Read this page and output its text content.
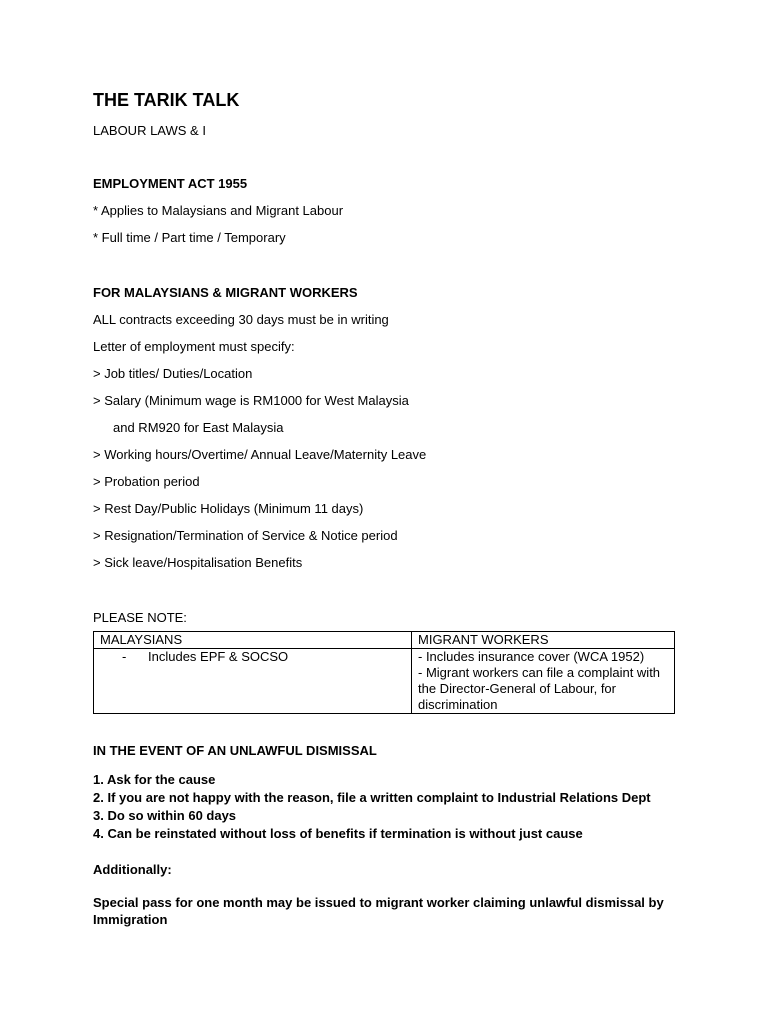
THE TARIK TALK

LABOUR LAWS & I

EMPLOYMENT ACT 1955

* Applies to Malaysians and Migrant Labour

* Full time / Part time / Temporary

FOR MALAYSIANS & MIGRANT WORKERS

ALL contracts exceeding 30 days must be in writing

Letter of employment must specify:

> Job titles/ Duties/Location

> Salary (Minimum wage is RM1000 for West Malaysia

and RM920 for East Malaysia

> Working hours/Overtime/ Annual Leave/Maternity Leave

> Probation period

> Rest Day/Public Holidays (Minimum 11 days)

> Resignation/Termination of Service & Notice period

> Sick leave/Hospitalisation Benefits

PLEASE NOTE:

MALAYSIANS	MIGRANT WORKERS
-      Includes EPF & SOCSO	- Includes insurance cover (WCA 1952)
- Migrant workers can file a complaint with the Director-General of Labour, for discrimination

IN THE EVENT OF AN UNLAWFUL DISMISSAL

1. Ask for the cause
2. If you are not happy with the reason, file a written complaint to Industrial Relations Dept
3. Do so within 60 days
4. Can be reinstated without loss of benefits if termination is without just cause

Additionally:

Special pass for one month may be issued to migrant worker claiming unlawful dismissal by Immigration
